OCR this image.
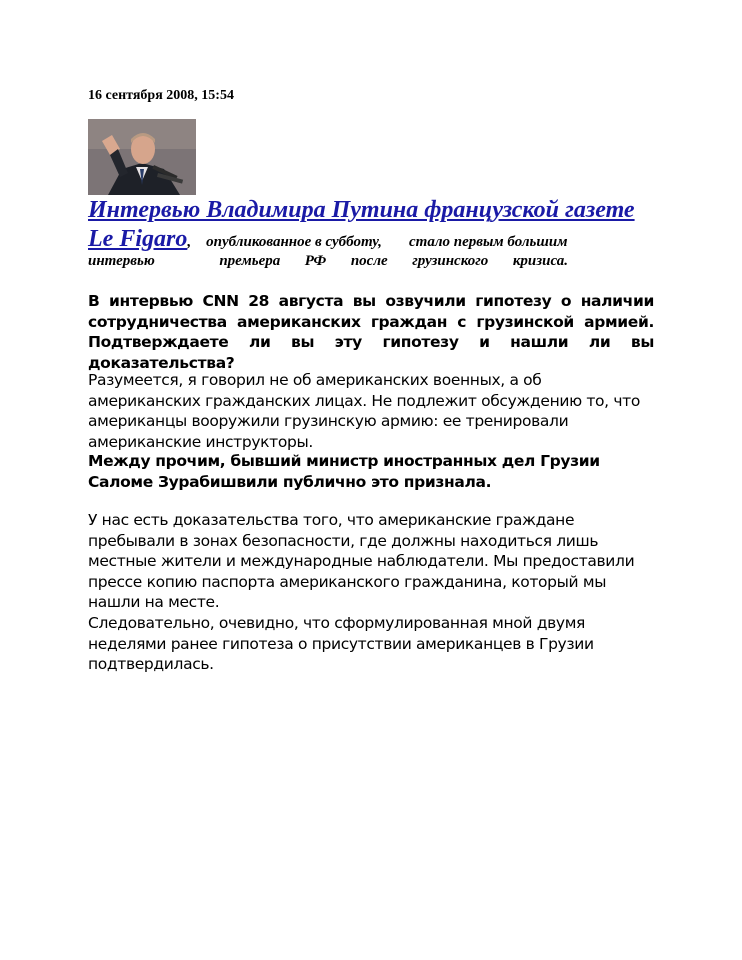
16 сентября 2008, 15:54
Интервью Владимира Путина французской газете
Le Figaro, опубликованное в субботу, стало первым большим
интервью	премьера РФ после грузинского кризиса.
В интервью CNN 28 августа вы озвучили гипотезу о наличии сотрудничества американских граждан с грузинской армией. Подтверждаете ли вы эту гипотезу и нашли ли вы доказательства?
Разумеется, я говорил не об американских военных, а об американских гражданских лицах. Не подлежит обсуждению то, что американцы вооружили грузинскую армию: ее тренировали американские инструкторы.
Между прочим, бывший министр иностранных дел Грузии Саломе Зурабишвили публично это признала.
У нас есть доказательства того, что американские граждане пребывали в зонах безопасности, где должны находиться лишь местные жители и международные наблюдатели. Мы предоставили прессе копию паспорта американского гражданина, который мы нашли на месте.
Следовательно, очевидно, что сформулированная мной двумя неделями ранее гипотеза о присутствии американцев в Грузии подтвердилась.
